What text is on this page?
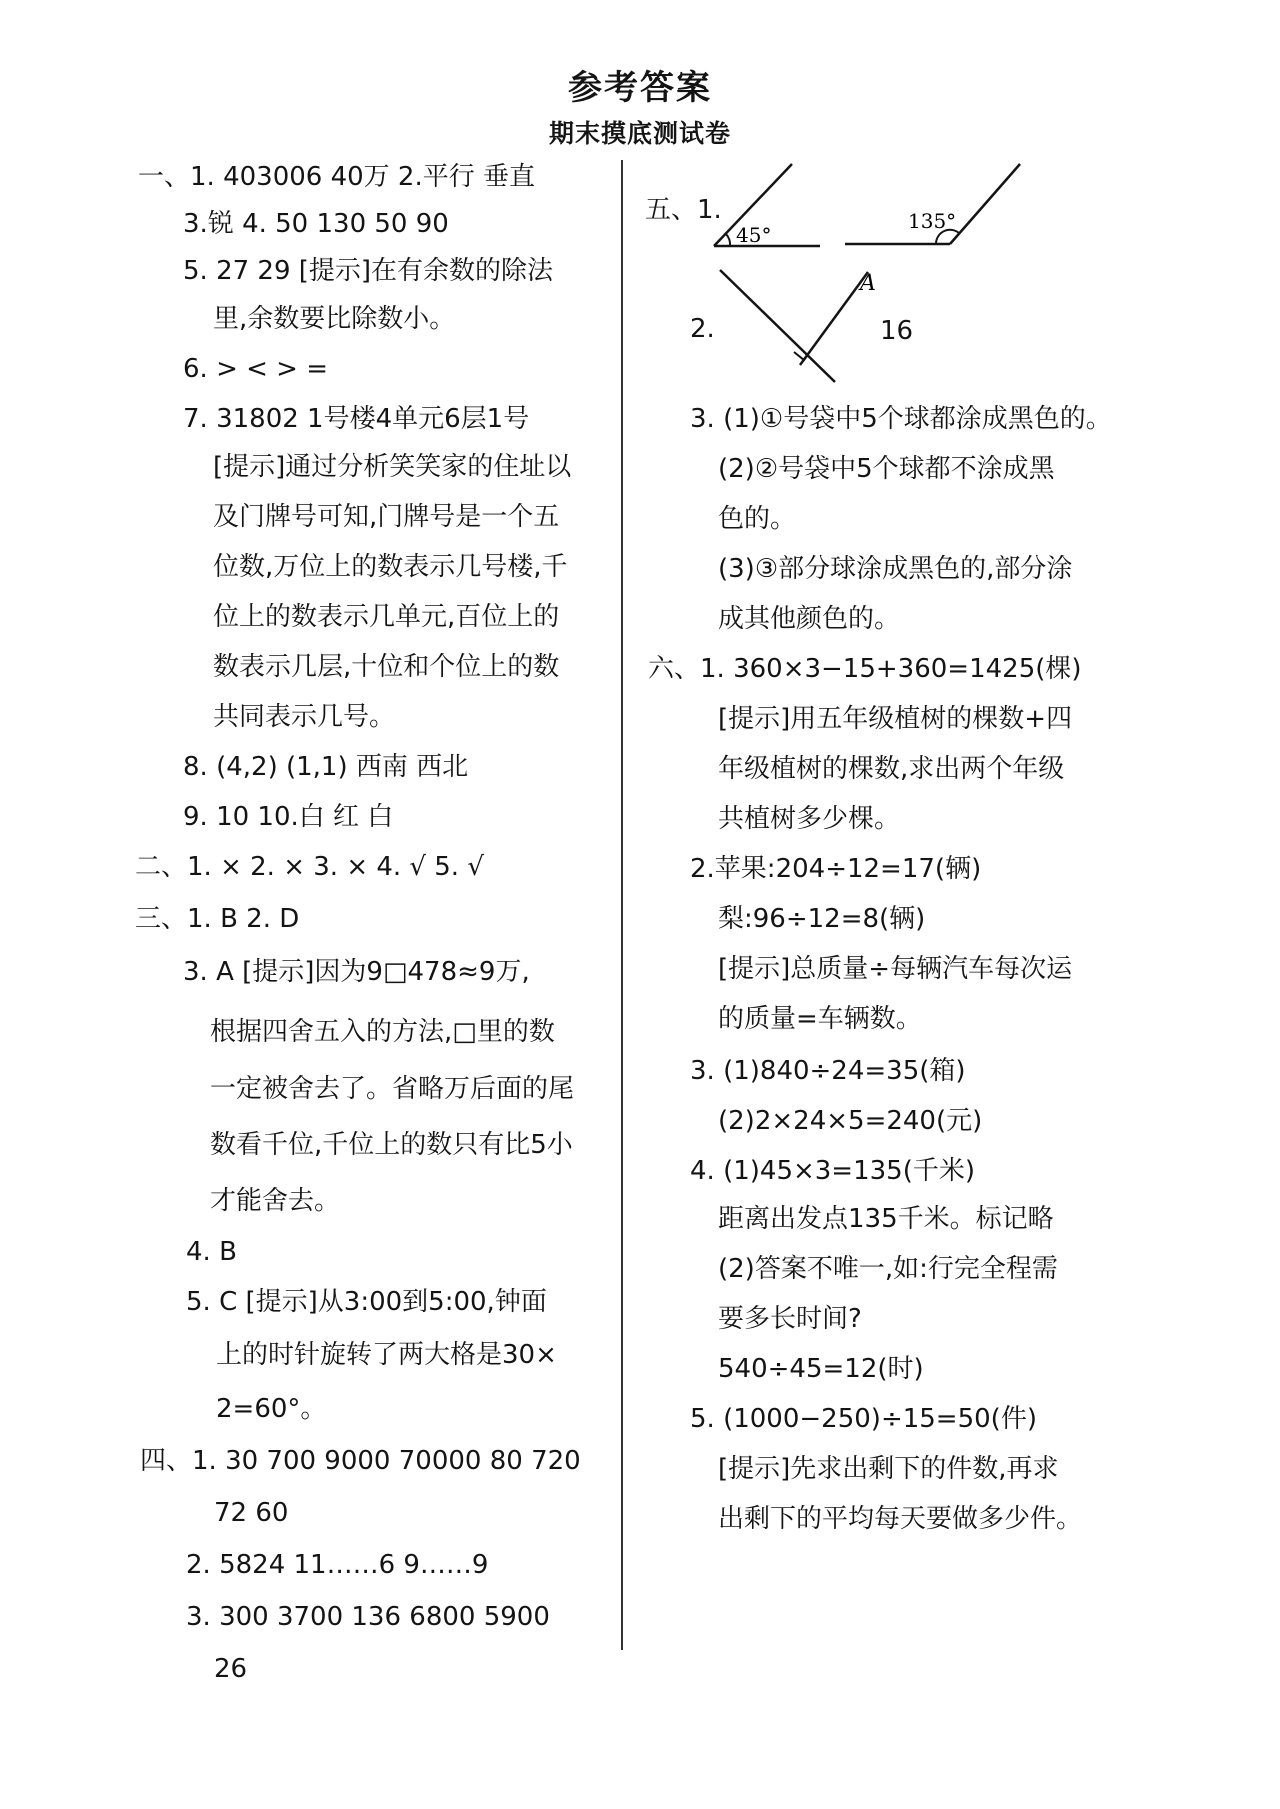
参考答案
期末摸底测试卷
一、1. 403006 40万 2.平行 垂直
3.锐 4. 50 130 50 90
5. 27 29 [提示]在有余数的除法
里,余数要比除数小。
6. > < > =
7. 31802 1号楼4单元6层1号
[提示]通过分析笑笑家的住址以
及门牌号可知,门牌号是一个五
位数,万位上的数表示几号楼,千
位上的数表示几单元,百位上的
数表示几层,十位和个位上的数
共同表示几号。
8. (4,2) (1,1) 西南 西北
9. 10 10.白 红 白
二、1. × 2. × 3. × 4. √ 5. √
三、1. B 2. D
3. A [提示]因为9□478≈9万,
根据四舍五入的方法,□里的数
一定被舍去了。省略万后面的尾
数看千位,千位上的数只有比5小
才能舍去。
4. B
5. C [提示]从3:00到5:00,钟面
上的时针旋转了两大格是30×
2=60°。
四、1. 30 700 9000 70000 80 720
72 60
2. 5824 11……6 9……9
3. 300 3700 136 6800 5900
26
五、1.
2.	16
3. (1)①号袋中5个球都涂成黑色的。
(2)②号袋中5个球都不涂成黑
色的。
(3)③部分球涂成黑色的,部分涂
成其他颜色的。
六、1. 360×3−15+360=1425(棵)
[提示]用五年级植树的棵数+四
年级植树的棵数,求出两个年级
共植树多少棵。
2.苹果:204÷12=17(辆)
梨:96÷12=8(辆)
[提示]总质量÷每辆汽车每次运
的质量=车辆数。
3. (1)840÷24=35(箱)
(2)2×24×5=240(元)
4. (1)45×3=135(千米)
距离出发点135千米。标记略
(2)答案不唯一,如:行完全程需
要多长时间?
540÷45=12(时)
5. (1000−250)÷15=50(件)
[提示]先求出剩下的件数,再求
出剩下的平均每天要做多少件。
45°
135°
A
